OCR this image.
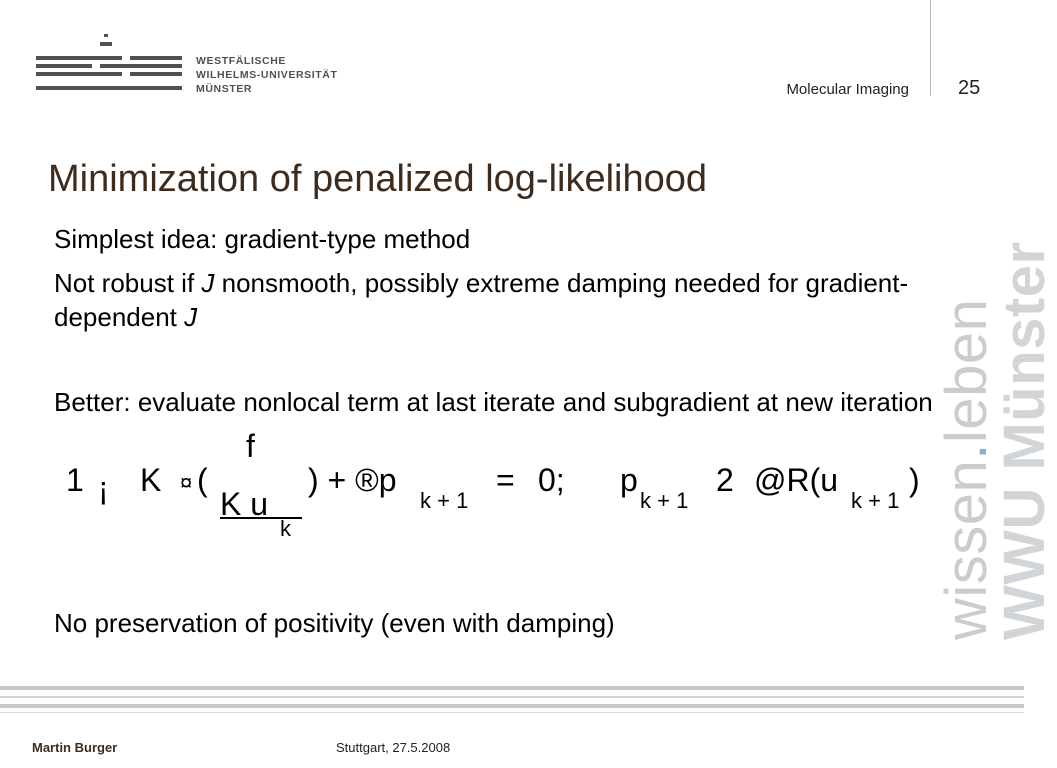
WESTFÄLISCHE
WILHELMS-UNIVERSITÄT
MÜNSTER	Molecular Imaging 25
Minimization of penalized log-likelihood
Simplest idea: gradient-type method
Not robust if J nonsmooth, possibly extreme damping needed for gradient-dependent J
Better: evaluate nonlocal term at last iterate and subgradient at new iteration
1 ¡ K ¤ (
f
K u
k
) + ®p
k + 1
= 0; p
k + 1
2 @R(u
k + 1
)
No preservation of positivity (even with damping)	wissen.leben
WWU Münster
Martin Burger	Stuttgart, 27.5.2008
